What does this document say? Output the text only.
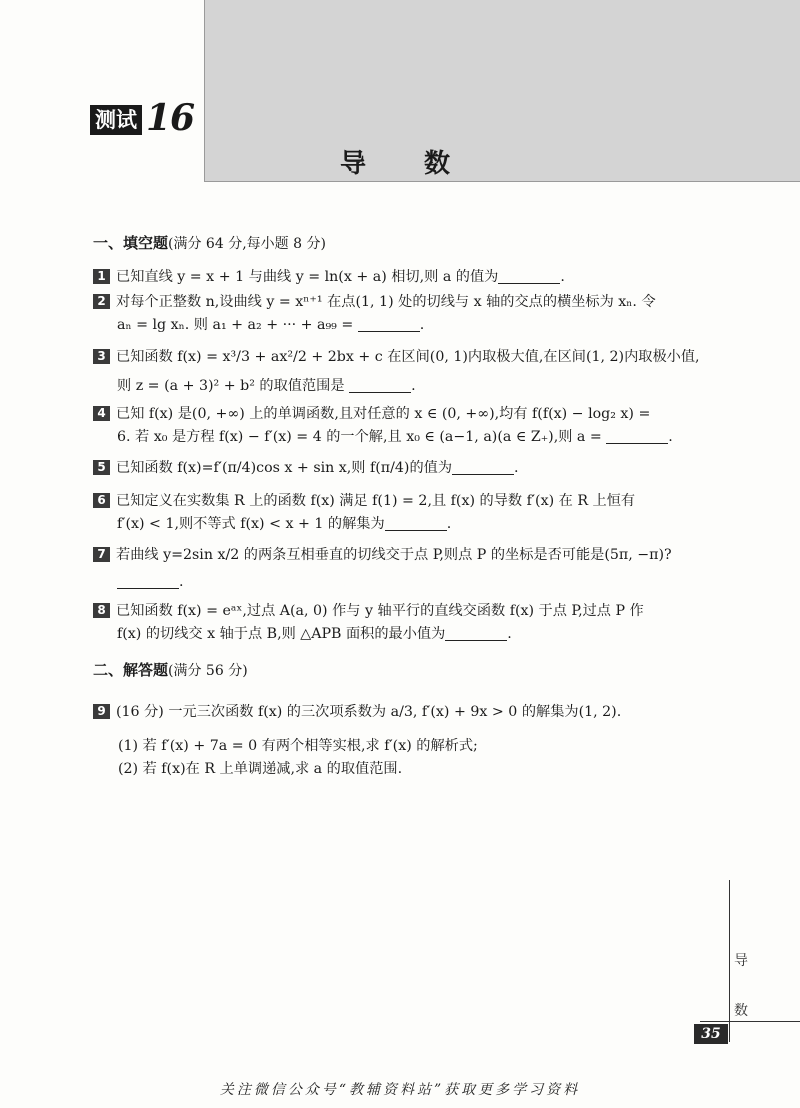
测试 16
导数
一、填空题(满分 64 分,每小题 8 分)
1 已知直线 y = x + 1 与曲线 y = ln(x + a) 相切,则 a 的值为	.
2 对每个正整数 n,设曲线 y = xⁿ⁺¹ 在点(1, 1) 处的切线与 x 轴的交点的横坐标为 xₙ. 令
aₙ = lg xₙ. 则 a₁ + a₂ + ··· + a₉₉ =	.
3 已知函数 f(x) = x³/3 + ax²/2 + 2bx + c 在区间(0, 1)内取极大值,在区间(1, 2)内取极小值,
则 z = (a + 3)² + b² 的取值范围是	.
4 已知 f(x) 是(0, +∞) 上的单调函数,且对任意的 x ∈ (0, +∞),均有 f(f(x) − log₂ x) =
6. 若 x₀ 是方程 f(x) − f′(x) = 4 的一个解,且 x₀ ∈ (a−1, a)(a ∈ Z₊),则 a =	.
5 已知函数 f(x)=f′(π/4)cos x + sin x,则 f(π/4)的值为	.
6 已知定义在实数集 R 上的函数 f(x) 满足 f(1) = 2,且 f(x) 的导数 f′(x) 在 R 上恒有
f′(x) < 1,则不等式 f(x) < x + 1 的解集为	.
7 若曲线 y=2sin x/2 的两条互相垂直的切线交于点 P,则点 P 的坐标是否可能是(5π, −π)?
.
8 已知函数 f(x) = eᵃˣ,过点 A(a, 0) 作与 y 轴平行的直线交函数 f(x) 于点 P,过点 P 作
f(x) 的切线交 x 轴于点 B,则 △APB 面积的最小值为	.
二、解答题(满分 56 分)
9 (16 分) 一元三次函数 f(x) 的三次项系数为 a/3, f′(x) + 9x > 0 的解集为(1, 2).
(1) 若 f′(x) + 7a = 0 有两个相等实根,求 f′(x) 的解析式;
(2) 若 f(x)在 R 上单调递减,求 a 的取值范围.
导
数
35
关注微信公众号“教辅资料站”获取更多学习资料
